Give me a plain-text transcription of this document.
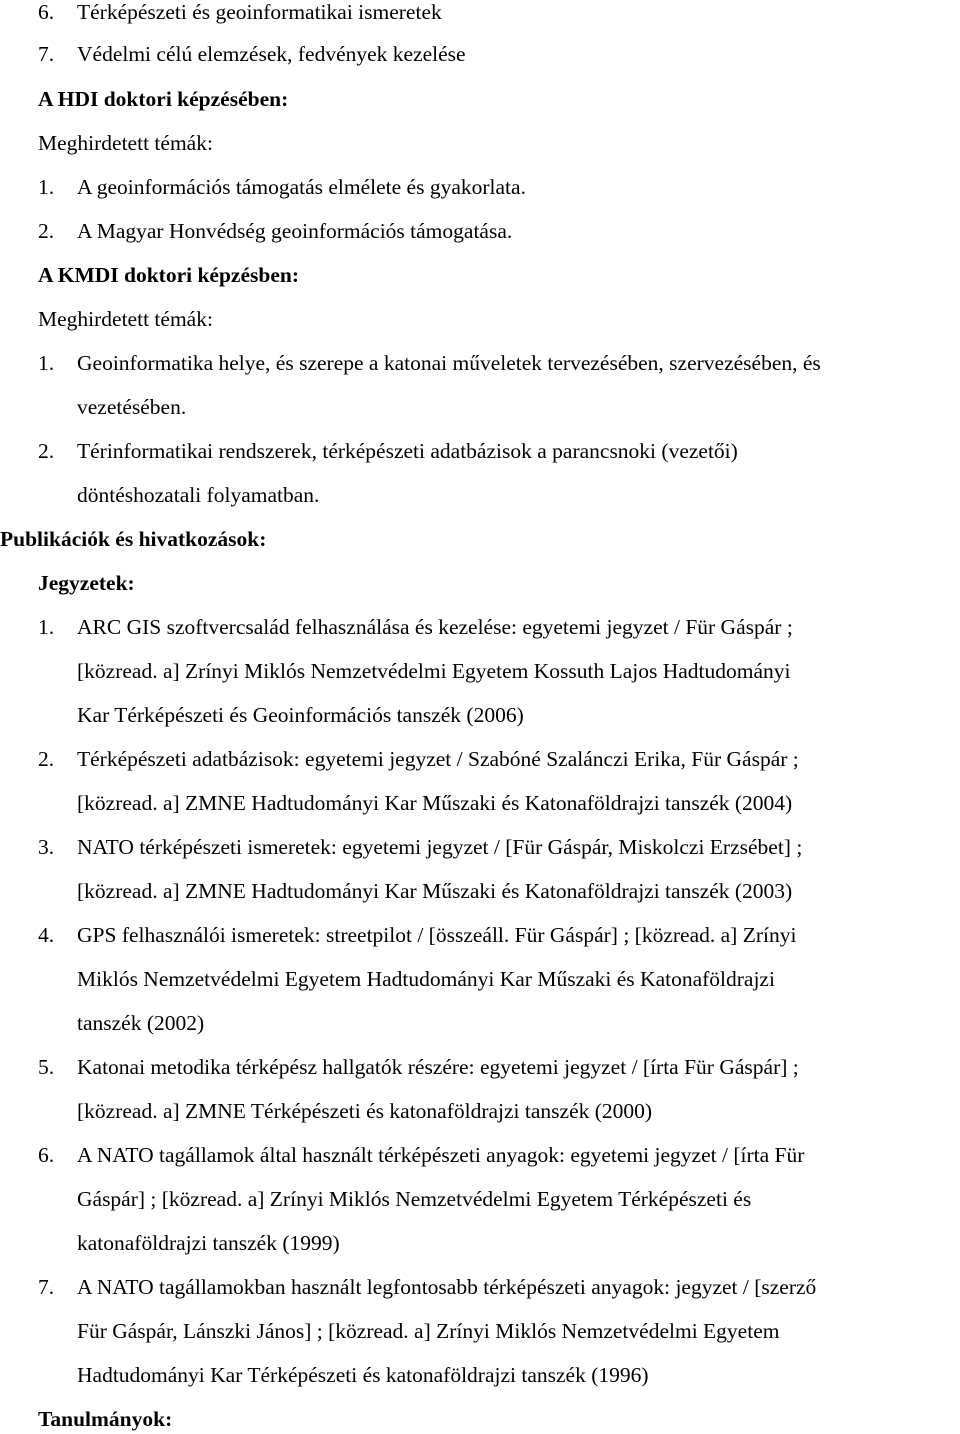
6. Térképészeti és geoinformatikai ismeretek
7. Védelmi célú elemzések, fedvények kezelése
A HDI doktori képzésében:
Meghirdetett témák:
1. A geoinformációs támogatás elmélete és gyakorlata.
2. A Magyar Honvédség geoinformációs támogatása.
A KMDI doktori képzésben:
Meghirdetett témák:
1. Geoinformatika helye, és szerepe a katonai műveletek tervezésében, szervezésében, és
vezetésében.
2. Térinformatikai rendszerek, térképészeti adatbázisok a parancsnoki (vezetői)
döntéshozatali folyamatban.
Publikációk és hivatkozások:
Jegyzetek:
1. ARC GIS szoftvercsalád felhasználása és kezelése: egyetemi jegyzet / Für Gáspár ;
[közread. a] Zrínyi Miklós Nemzetvédelmi Egyetem Kossuth Lajos Hadtudományi
Kar Térképészeti és Geoinformációs tanszék (2006)
2. Térképészeti adatbázisok: egyetemi jegyzet / Szabóné Szalánczi Erika, Für Gáspár ;
[közread. a] ZMNE Hadtudományi Kar Műszaki és Katonaföldrajzi tanszék (2004)
3. NATO térképészeti ismeretek: egyetemi jegyzet / [Für Gáspár, Miskolczi Erzsébet] ;
[közread. a] ZMNE Hadtudományi Kar Műszaki és Katonaföldrajzi tanszék (2003)
4. GPS felhasználói ismeretek: streetpilot / [összeáll. Für Gáspár] ; [közread. a] Zrínyi
Miklós Nemzetvédelmi Egyetem Hadtudományi Kar Műszaki és Katonaföldrajzi
tanszék (2002)
5. Katonai metodika térképész hallgatók részére: egyetemi jegyzet / [írta Für Gáspár] ;
[közread. a] ZMNE Térképészeti és katonaföldrajzi tanszék (2000)
6. A NATO tagállamok által használt térképészeti anyagok: egyetemi jegyzet / [írta Für
Gáspár] ; [közread. a] Zrínyi Miklós Nemzetvédelmi Egyetem Térképészeti és
katonaföldrajzi tanszék (1999)
7. A NATO tagállamokban használt legfontosabb térképészeti anyagok: jegyzet / [szerző
Für Gáspár, Lánszki János] ; [közread. a] Zrínyi Miklós Nemzetvédelmi Egyetem
Hadtudományi Kar Térképészeti és katonaföldrajzi tanszék (1996)
Tanulmányok:
